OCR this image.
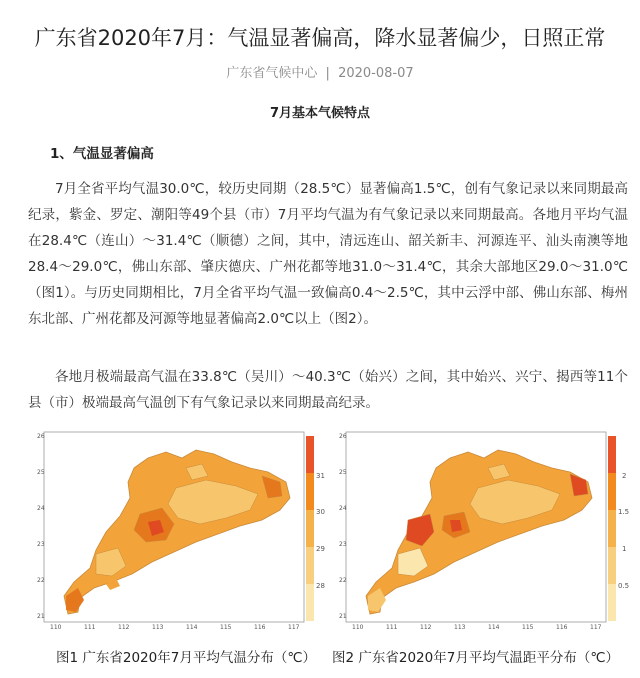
广东省2020年7月：气温显著偏高，降水显著偏少，日照正常
广东省气候中心 | 2020-08-07
7月基本气候特点
1、气温显著偏高

7月全省平均气温30.0℃，较历史同期（28.5℃）显著偏高1.5℃，创有气象记录以来同期最高纪录，紫金、罗定、潮阳等49个县（市）7月平均气温为有气象记录以来同期最高。各地月平均气温在28.4℃（连山）～31.4℃（顺德）之间，其中，清远连山、韶关新丰、河源连平、汕头南澳等地28.4～29.0℃，佛山东部、肇庆德庆、广州花都等地31.0～31.4℃，其余大部地区29.0～31.0℃（图1）。与历史同期相比，7月全省平均气温一致偏高0.4～2.5℃，其中云浮中部、佛山东部、梅州东北部、广州花都及河源等地显著偏高2.0℃以上（图2）。

各地月极端最高气温在33.8℃（吴川）～40.3℃（始兴）之间，其中始兴、兴宁、揭西等11个县（市）极端最高气温创下有气象记录以来同期最高纪录。

26
25
24
23
22
21
110	111	112	113	114	115	116	117
26
25
24
23
22
21
110	111	112	113	114	115	116	117
图1 广东省2020年7月平均气温分布（℃） 图2 广东省2020年7月平均气温距平分布（℃）
31
30
29
28
2
1.5
1
0.5
